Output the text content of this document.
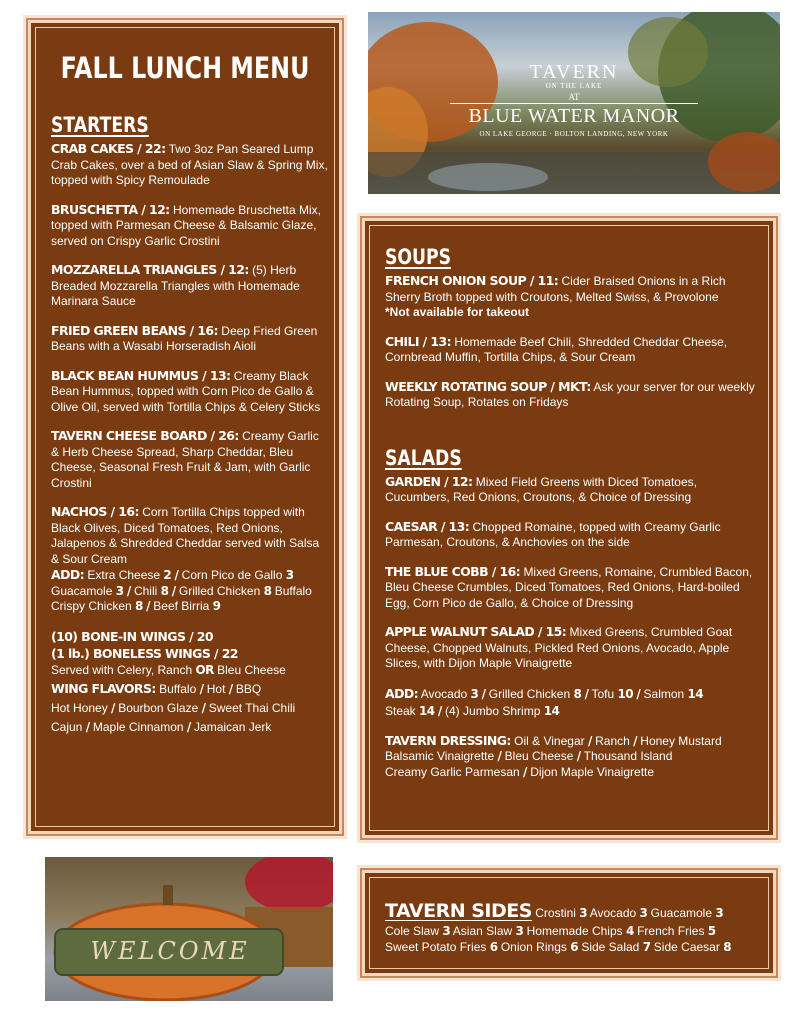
FALL LUNCH MENU
STARTERS
CRAB CAKES / 22: Two 3oz Pan Seared Lump Crab Cakes, over a bed of Asian Slaw & Spring Mix, topped with Spicy Remoulade
BRUSCHETTA / 12: Homemade Bruschetta Mix, topped with Parmesan Cheese & Balsamic Glaze, served on Crispy Garlic Crostini
MOZZARELLA TRIANGLES / 12: (5) Herb Breaded Mozzarella Triangles with Homemade Marinara Sauce
FRIED GREEN BEANS / 16: Deep Fried Green Beans with a Wasabi Horseradish Aioli
BLACK BEAN HUMMUS / 13: Creamy Black Bean Hummus, topped with Corn Pico de Gallo & Olive Oil, served with Tortilla Chips & Celery Sticks
TAVERN CHEESE BOARD / 26: Creamy Garlic & Herb Cheese Spread, Sharp Cheddar, Bleu Cheese, Seasonal Fresh Fruit & Jam, with Garlic Crostini
NACHOS / 16: Corn Tortilla Chips topped with Black Olives, Diced Tomatoes, Red Onions, Jalapenos & Shredded Cheddar served with Salsa & Sour Cream
ADD: Extra Cheese 2 / Corn Pico de Gallo 3 Guacamole 3 / Chili 8 / Grilled Chicken 8 Buffalo Crispy Chicken 8 / Beef Birria 9
(10) BONE-IN WINGS / 20
(1 lb.) BONELESS WINGS / 22
Served with Celery, Ranch OR Bleu Cheese
WING FLAVORS: Buffalo / Hot / BBQ
Hot Honey / Bourbon Glaze / Sweet Thai Chili
Cajun / Maple Cinnamon / Jamaican Jerk
TAVERN
ON THE LAKE
AT
BLUE WATER MANOR
ON LAKE GEORGE · BOLTON LANDING, NEW YORK
SOUPS
FRENCH ONION SOUP / 11: Cider Braised Onions in a Rich Sherry Broth topped with Croutons, Melted Swiss, & Provolone
*Not available for takeout
CHILI / 13: Homemade Beef Chili, Shredded Cheddar Cheese, Cornbread Muffin, Tortilla Chips, & Sour Cream
WEEKLY ROTATING SOUP / MKT: Ask your server for our weekly Rotating Soup, Rotates on Fridays
SALADS
GARDEN / 12: Mixed Field Greens with Diced Tomatoes, Cucumbers, Red Onions, Croutons, & Choice of Dressing
CAESAR / 13: Chopped Romaine, topped with Creamy Garlic Parmesan, Croutons, & Anchovies on the side
THE BLUE COBB / 16: Mixed Greens, Romaine, Crumbled Bacon, Bleu Cheese Crumbles, Diced Tomatoes, Red Onions, Hard-boiled Egg, Corn Pico de Gallo, & Choice of Dressing
APPLE WALNUT SALAD / 15: Mixed Greens, Crumbled Goat Cheese, Chopped Walnuts, Pickled Red Onions, Avocado, Apple Slices, with Dijon Maple Vinaigrette
ADD: Avocado 3 / Grilled Chicken 8 / Tofu 10 / Salmon 14
Steak 14 / (4) Jumbo Shrimp 14
TAVERN DRESSING: Oil & Vinegar / Ranch / Honey Mustard
Balsamic Vinaigrette / Bleu Cheese / Thousand Island
Creamy Garlic Parmesan / Dijon Maple Vinaigrette
WELCOME
TAVERN SIDES Crostini 3 Avocado 3 Guacamole 3
Cole Slaw 3 Asian Slaw 3 Homemade Chips 4 French Fries 5
Sweet Potato Fries 6 Onion Rings 6 Side Salad 7 Side Caesar 8
